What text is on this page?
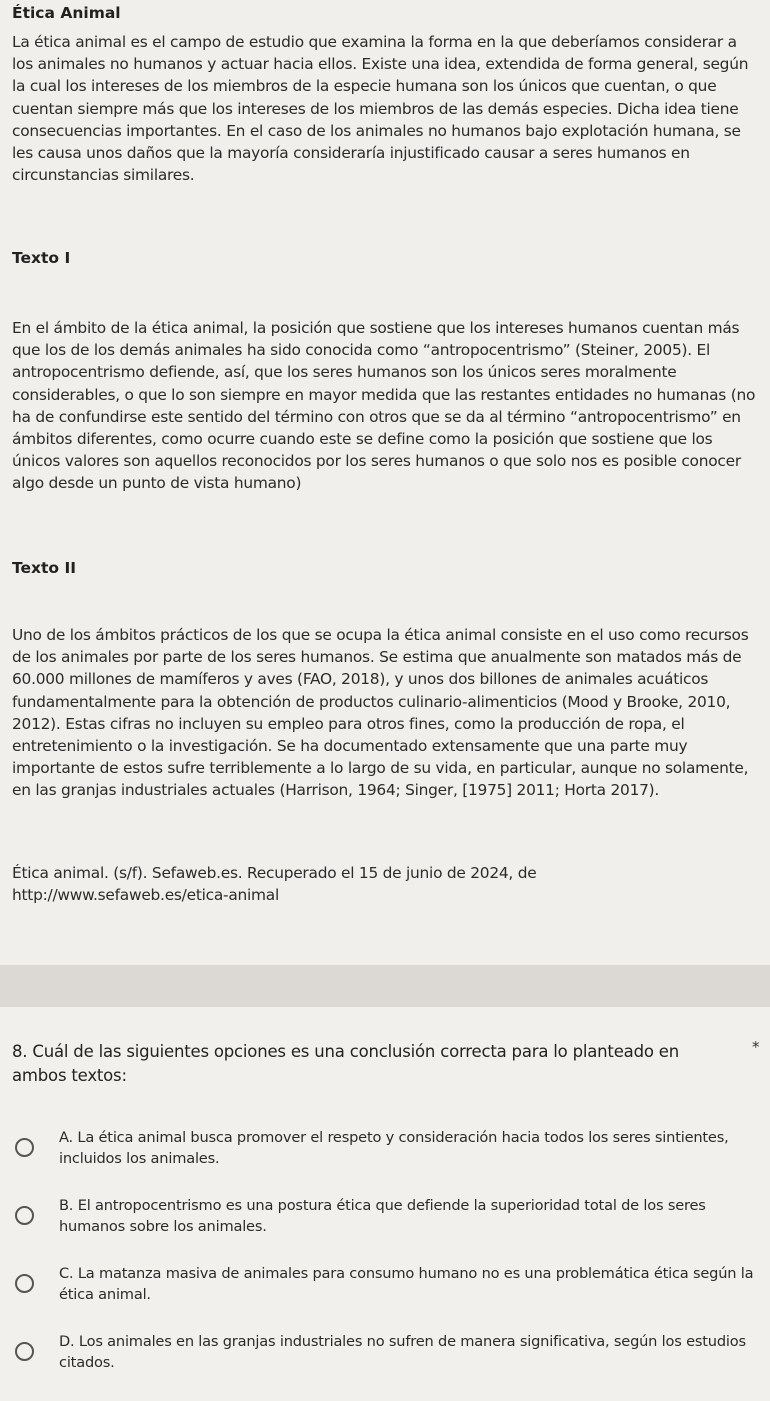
Ética Animal

La ética animal es el campo de estudio que examina la forma en la que deberíamos considerar a los animales no humanos y actuar hacia ellos. Existe una idea, extendida de forma general, según la cual los intereses de los miembros de la especie humana son los únicos que cuentan, o que cuentan siempre más que los intereses de los miembros de las demás especies. Dicha idea tiene consecuencias importantes. En el caso de los animales no humanos bajo explotación humana, se les causa unos daños que la mayoría consideraría injustificado causar a seres humanos en circunstancias similares.

Texto I

En el ámbito de la ética animal, la posición que sostiene que los intereses humanos cuentan más que los de los demás animales ha sido conocida como “antropocentrismo” (Steiner, 2005). El antropocentrismo defiende, así, que los seres humanos son los únicos seres moralmente considerables, o que lo son siempre en mayor medida que las restantes entidades no humanas (no ha de confundirse este sentido del término con otros que se da al término “antropocentrismo” en ámbitos diferentes, como ocurre cuando este se define como la posición que sostiene que los únicos valores son aquellos reconocidos por los seres humanos o que solo nos es posible conocer algo desde un punto de vista humano)

Texto II

Uno de los ámbitos prácticos de los que se ocupa la ética animal consiste en el uso como recursos de los animales por parte de los seres humanos. Se estima que anualmente son matados más de 60.000 millones de mamíferos y aves (FAO, 2018), y unos dos billones de animales acuáticos fundamentalmente para la obtención de productos culinario-alimenticios (Mood y Brooke, 2010, 2012). Estas cifras no incluyen su empleo para otros fines, como la producción de ropa, el entretenimiento o la investigación. Se ha documentado extensamente que una parte muy importante de estos sufre terriblemente a lo largo de su vida, en particular, aunque no solamente, en las granjas industriales actuales (Harrison, 1964; Singer, [1975] 2011; Horta 2017).

Ética animal. (s/f). Sefaweb.es. Recuperado el 15 de junio de 2024, de
http://www.sefaweb.es/etica-animal

8. Cuál de las siguientes opciones es una conclusión correcta para lo planteado en ambos textos:

*

A. La ética animal busca promover el respeto y consideración hacia todos los seres sintientes, incluidos los animales.

B. El antropocentrismo es una postura ética que defiende la superioridad total de los seres humanos sobre los animales.

C. La matanza masiva de animales para consumo humano no es una problemática ética según la ética animal.

D. Los animales en las granjas industriales no sufren de manera significativa, según los estudios citados.
